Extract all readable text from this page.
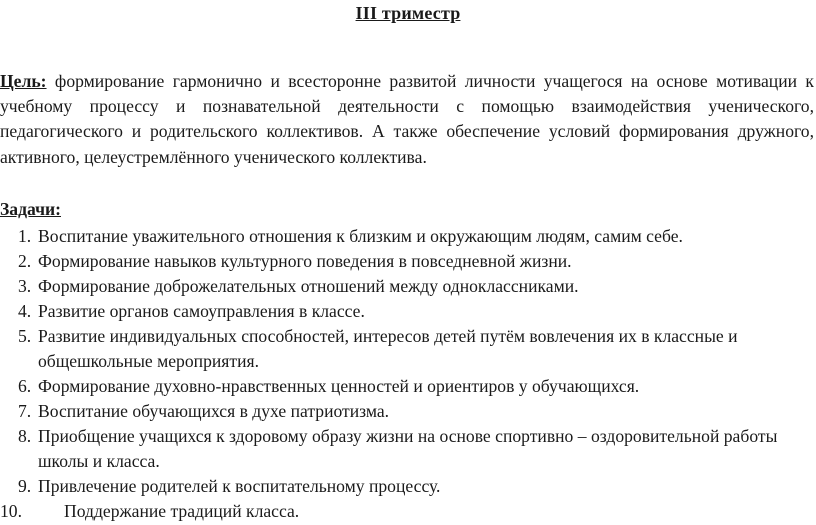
III триместр
Цель: формирование гармонично и всесторонне развитой личности учащегося на основе мотивации к учебному процессу и познавательной деятельности с помощью взаимодействия ученического, педагогического и родительского коллективов. А также обеспечение условий формирования дружного, активного, целеустремлённого ученического коллектива.
Задачи:
1. Воспитание уважительного отношения к близким и окружающим людям, самим себе.
2. Формирование навыков культурного поведения в повседневной жизни.
3. Формирование доброжелательных отношений между одноклассниками.
4. Развитие органов самоуправления в классе.
5. Развитие индивидуальных способностей, интересов детей путём вовлечения их в классные и общешкольные мероприятия.
6. Формирование духовно-нравственных ценностей и ориентиров у обучающихся.
7. Воспитание обучающихся в духе патриотизма.
8. Приобщение учащихся к здоровому образу жизни на основе спортивно – оздоровительной работы школы и класса.
9. Привлечение родителей к воспитательному процессу.
10. Поддержание традиций класса.
